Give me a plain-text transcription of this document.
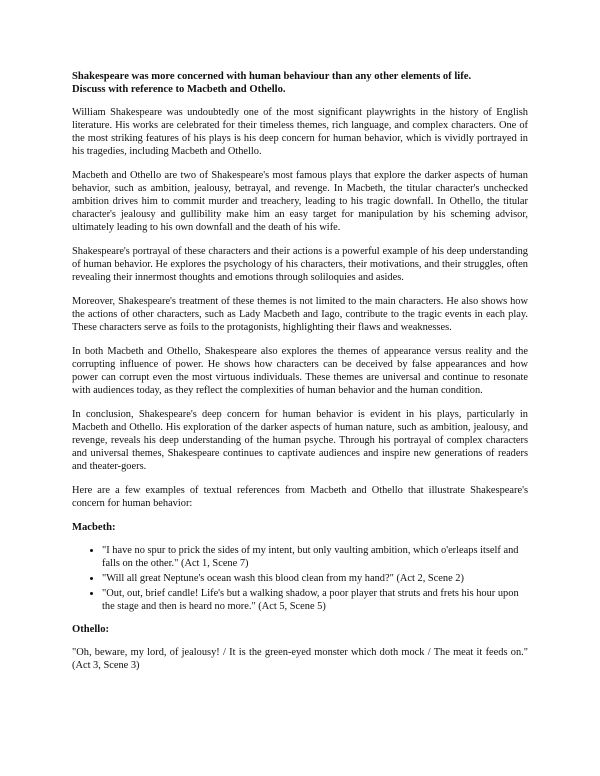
Shakespeare was more concerned with human behaviour than any other elements of life.
Discuss with reference to Macbeth and Othello.

William Shakespeare was undoubtedly one of the most significant playwrights in the history of English literature. His works are celebrated for their timeless themes, rich language, and complex characters. One of the most striking features of his plays is his deep concern for human behavior, which is vividly portrayed in his tragedies, including Macbeth and Othello.

Macbeth and Othello are two of Shakespeare's most famous plays that explore the darker aspects of human behavior, such as ambition, jealousy, betrayal, and revenge. In Macbeth, the titular character's unchecked ambition drives him to commit murder and treachery, leading to his tragic downfall. In Othello, the titular character's jealousy and gullibility make him an easy target for manipulation by his scheming advisor, ultimately leading to his own downfall and the death of his wife.

Shakespeare's portrayal of these characters and their actions is a powerful example of his deep understanding of human behavior. He explores the psychology of his characters, their motivations, and their struggles, often revealing their innermost thoughts and emotions through soliloquies and asides.

Moreover, Shakespeare's treatment of these themes is not limited to the main characters. He also shows how the actions of other characters, such as Lady Macbeth and Iago, contribute to the tragic events in each play. These characters serve as foils to the protagonists, highlighting their flaws and weaknesses.

In both Macbeth and Othello, Shakespeare also explores the themes of appearance versus reality and the corrupting influence of power. He shows how characters can be deceived by false appearances and how power can corrupt even the most virtuous individuals. These themes are universal and continue to resonate with audiences today, as they reflect the complexities of human behavior and the human condition.

In conclusion, Shakespeare's deep concern for human behavior is evident in his plays, particularly in Macbeth and Othello. His exploration of the darker aspects of human nature, such as ambition, jealousy, and revenge, reveals his deep understanding of the human psyche. Through his portrayal of complex characters and universal themes, Shakespeare continues to captivate audiences and inspire new generations of readers and theater-goers.

Here are a few examples of textual references from Macbeth and Othello that illustrate Shakespeare's concern for human behavior:

Macbeth:
• "I have no spur to prick the sides of my intent, but only vaulting ambition, which o'erleaps itself and falls on the other." (Act 1, Scene 7)
• "Will all great Neptune's ocean wash this blood clean from my hand?" (Act 2, Scene 2)
• "Out, out, brief candle! Life's but a walking shadow, a poor player that struts and frets his hour upon the stage and then is heard no more." (Act 5, Scene 5)
Othello:

"Oh, beware, my lord, of jealousy! / It is the green-eyed monster which doth mock / The meat it feeds on." (Act 3, Scene 3)
